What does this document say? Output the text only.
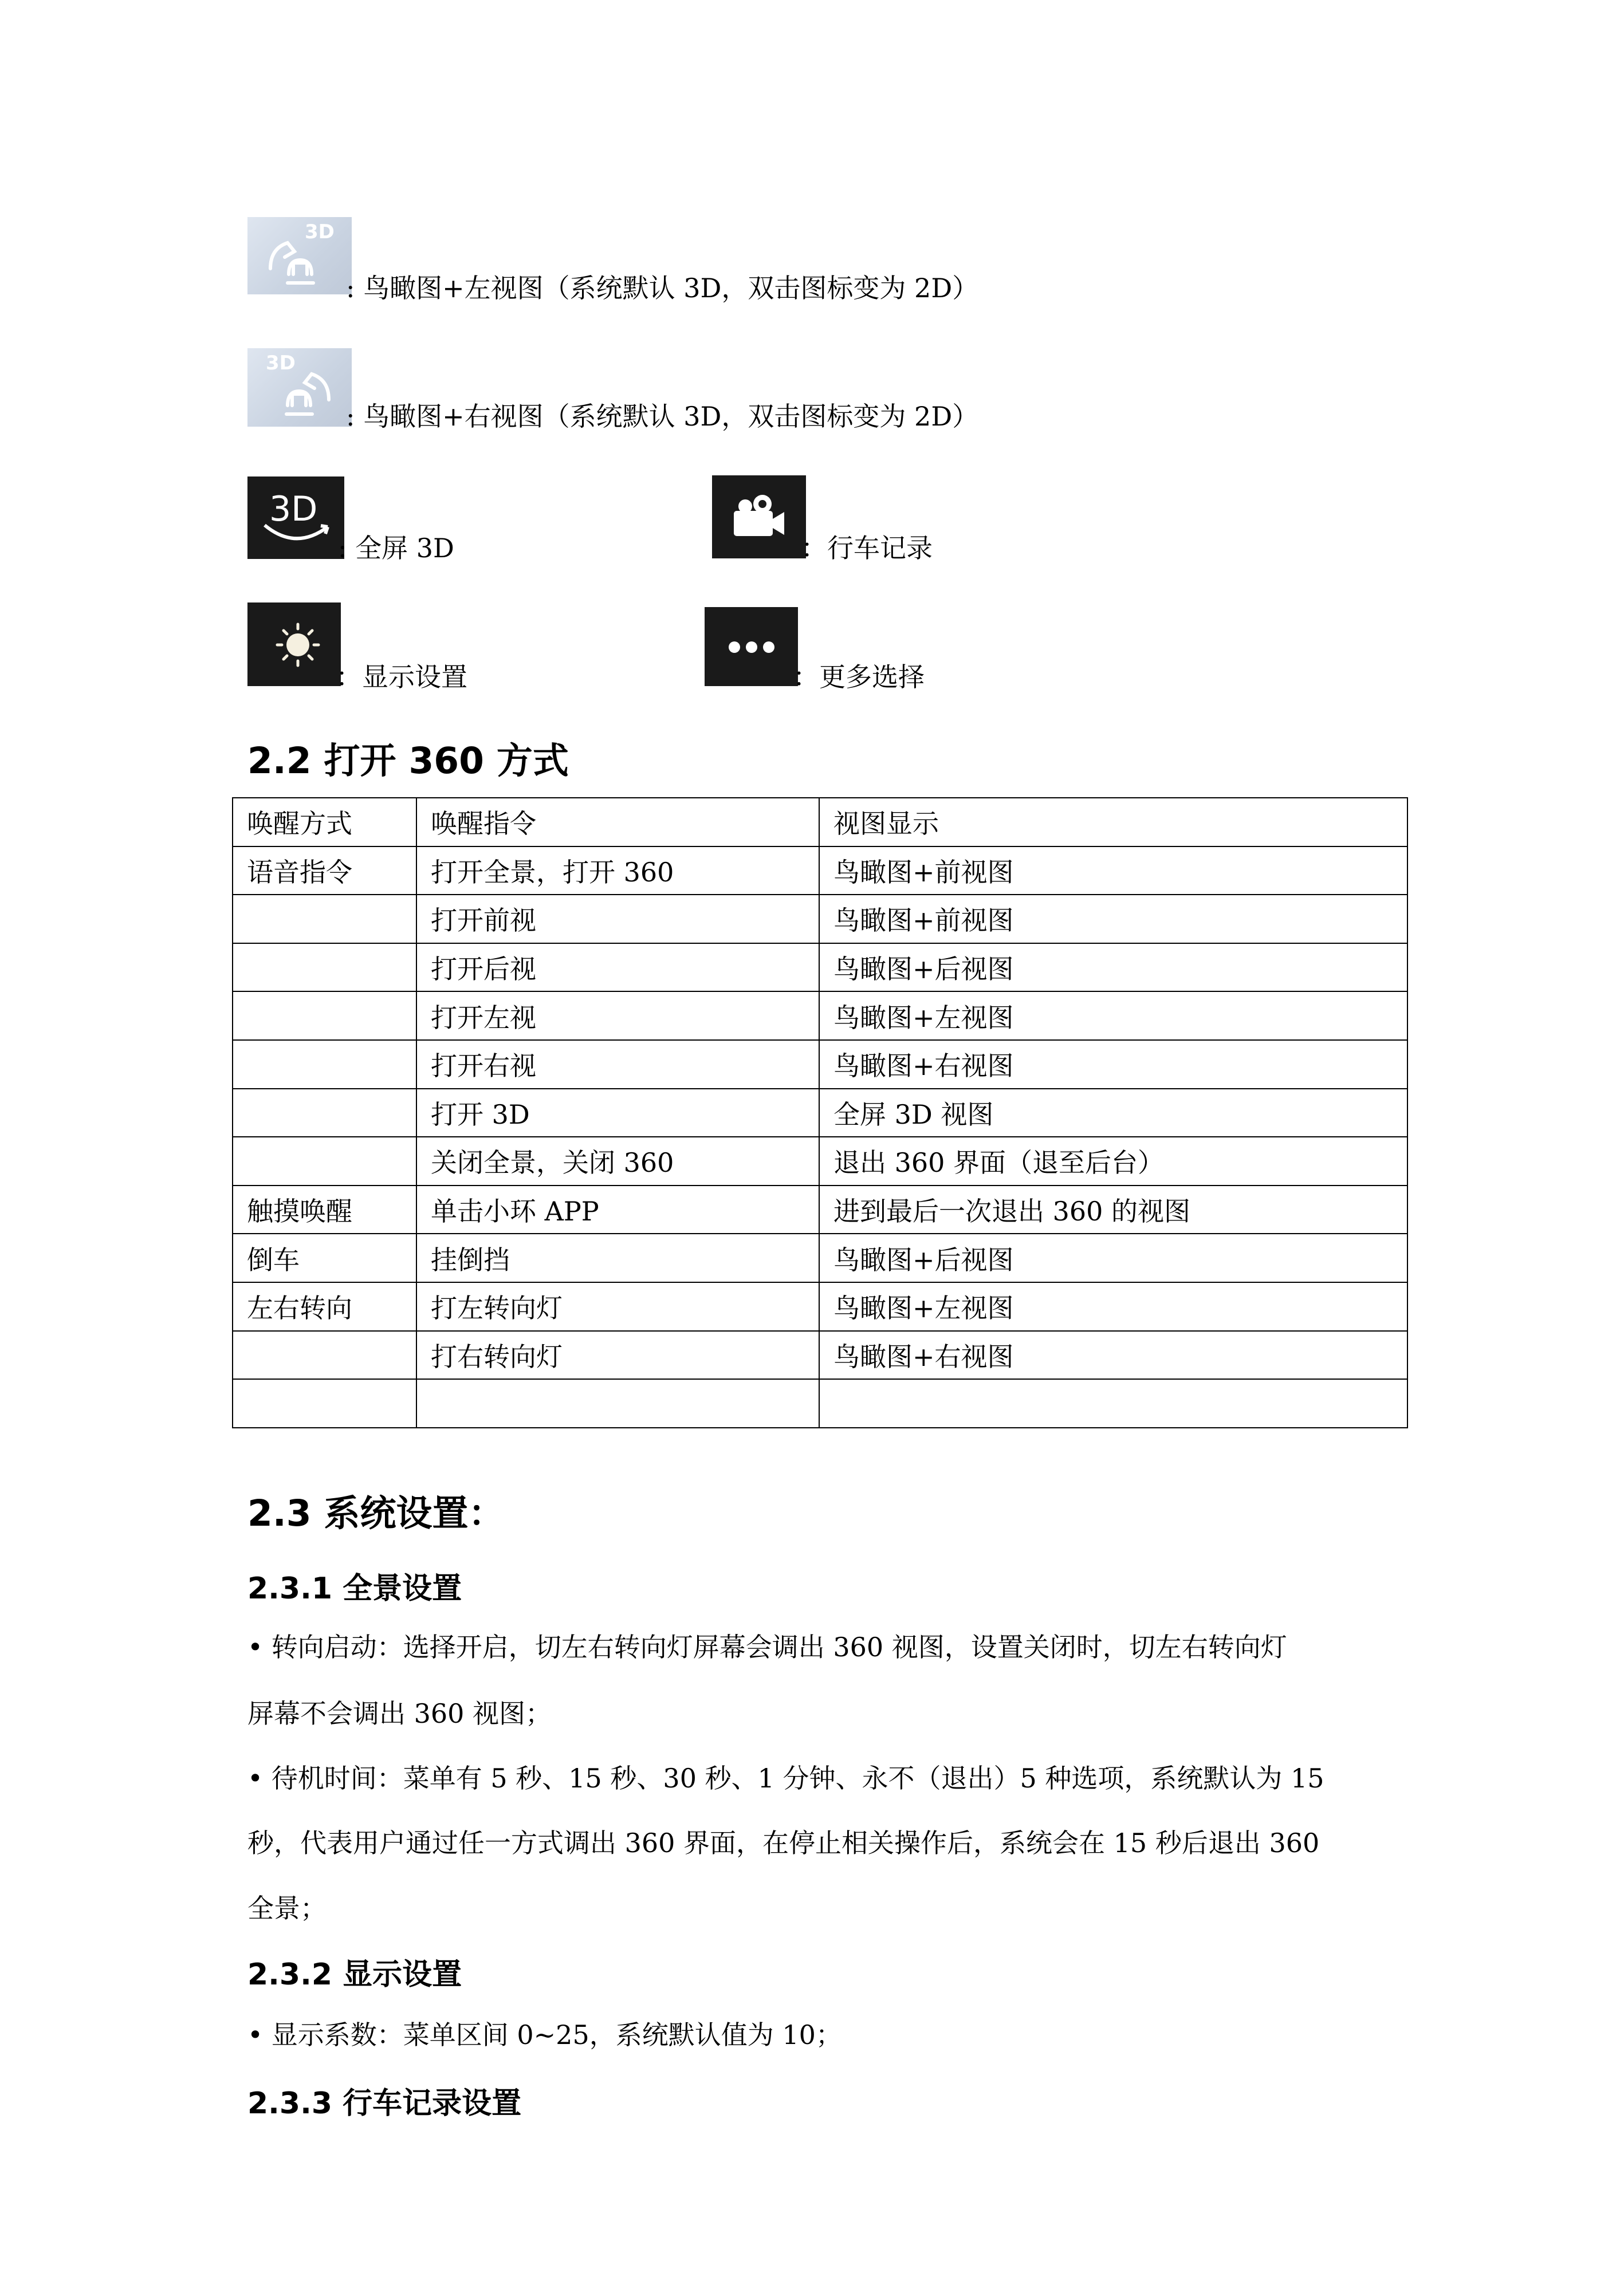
3D
: 鸟瞰图+左视图（系统默认 3D，双击图标变为 2D）
3D
: 鸟瞰图+右视图（系统默认 3D，双击图标变为 2D）
3D
: 全屏 3D	：行车记录
：显示设置	：更多选择
2.2 打开 360 方式
唤醒方式	唤醒指令	视图显示
语音指令	打开全景，打开 360	鸟瞰图+前视图
	打开前视	鸟瞰图+前视图
	打开后视	鸟瞰图+后视图
	打开左视	鸟瞰图+左视图
	打开右视	鸟瞰图+右视图
	打开 3D	全屏 3D 视图
	关闭全景，关闭 360	退出 360 界面（退至后台）
触摸唤醒	单击小环 APP	进到最后一次退出 360 的视图
倒车	挂倒挡	鸟瞰图+后视图
左右转向	打左转向灯	鸟瞰图+左视图
	打右转向灯	鸟瞰图+右视图

2.3 系统设置：
2.3.1 全景设置
• 转向启动：选择开启，切左右转向灯屏幕会调出 360 视图，设置关闭时，切左右转向灯
屏幕不会调出 360 视图；
• 待机时间：菜单有 5 秒、15 秒、30 秒、1 分钟、永不（退出）5 种选项，系统默认为 15
秒，代表用户通过任一方式调出 360 界面，在停止相关操作后，系统会在 15 秒后退出 360
全景；
2.3.2 显示设置
• 显示系数：菜单区间 0~25，系统默认值为 10；
2.3.3 行车记录设置
